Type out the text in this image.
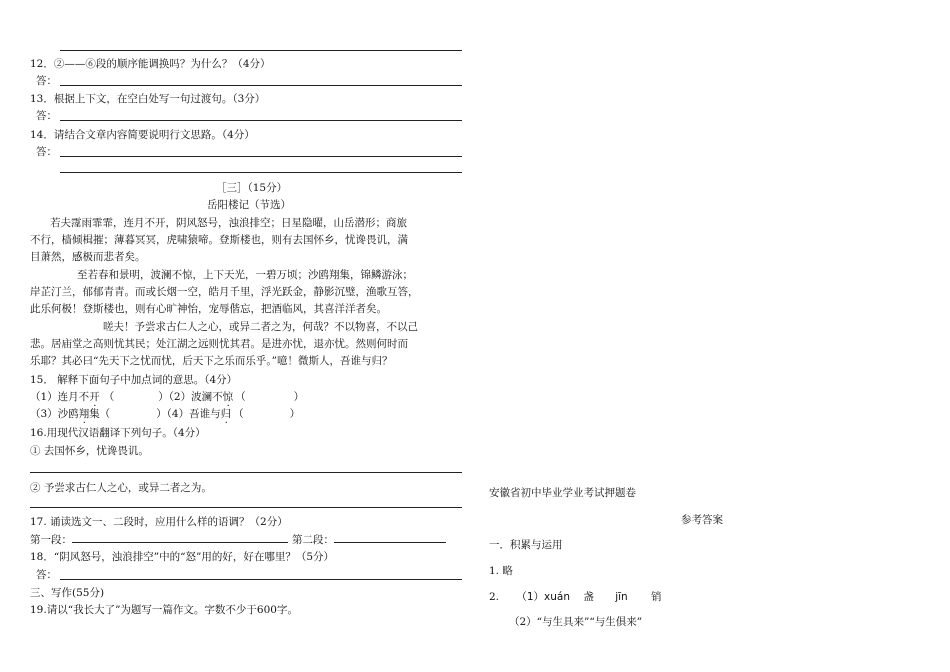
12．②——⑥段的顺序能调换吗？为什么？（4分）
答：
13．根据上下文，在空白处写一句过渡句。（3分）
答：
14．请结合文章内容简要说明行文思路。（4分）
答：
［三］（15分）
岳阳楼记（节选）
若夫霪雨霏霏，连月不开，阴风怒号，浊浪排空；日星隐曜，山岳潜形；商旅
不行，樯倾楫摧；薄暮冥冥，虎啸猿啼。登斯楼也，则有去国怀乡，忧谗畏讥，满
目萧然，感极而悲者矣。
至若春和景明，波澜不惊，上下天光，一碧万顷；沙鸥翔集，锦鳞游泳；
岸芷汀兰，郁郁青青。而或长烟一空，皓月千里，浮光跃金，静影沉璧，渔歌互答，
此乐何极！登斯楼也，则有心旷神怡，宠辱偕忘，把酒临风，其喜洋洋者矣。
嗟夫！予尝求古仁人之心，或异二者之为，何哉？不以物喜，不以己
悲。居庙堂之高则忧其民；处江湖之远则忧其君。是进亦忧，退亦忧。然则何时而
乐耶？其必曰“先天下之忧而忧，后天下之乐而乐乎。”噫！微斯人，吾谁与归？
15． 解释下面句子中加点词的意思。（4分）
（1）连月不开 （	）（2）波澜不惊 （	）
（3）沙鸥翔集（	）（4）吾谁与归 （	）
16.用现代汉语翻译下列句子。（4分）
① 去国怀乡，忧谗畏讥。
② 予尝求古仁人之心，或异二者之为。
17. 诵读选文一、二段时，应用什么样的语调？（2分）
第一段：	第二段：
18．“阴风怒号，浊浪排空”中的“怒”用的好，好在哪里？（5分）
答：
三、写作(55分)
19.请以“我长大了”为题写一篇作文。字数不少于600字。
安徽省初中毕业学业考试押题卷
参考答案
一．积累与运用
1. 略
2. （1）xuán 盏 jīn 销
（2）“与生具来”“与生俱来”
